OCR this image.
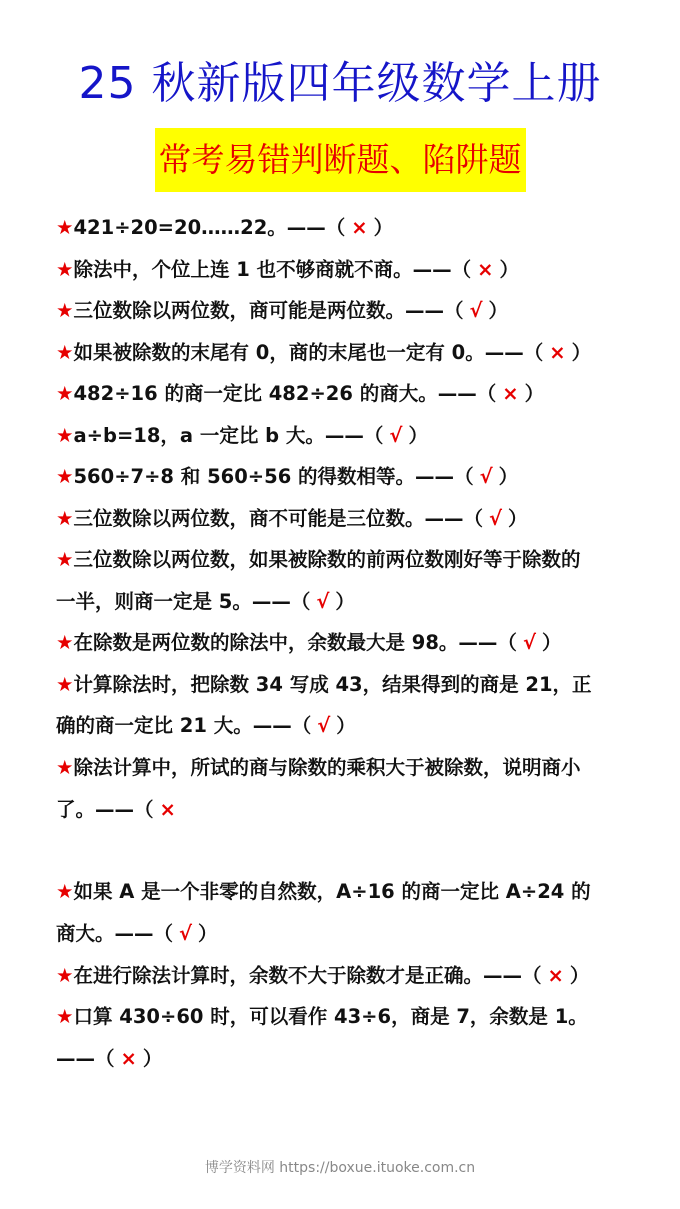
25 秋新版四年级数学上册
常考易错判断题、陷阱题
★421÷20=20……22。——（ × ）
★除法中，个位上连 1 也不够商就不商。——（ × ）
★三位数除以两位数，商可能是两位数。——（ √ ）
★如果被除数的末尾有 0，商的末尾也一定有 0。——（ × ）
★482÷16 的商一定比 482÷26 的商大。——（ × ）
★a÷b=18，a 一定比 b 大。——（ √ ）
★560÷7÷8 和 560÷56 的得数相等。——（ √ ）
★三位数除以两位数，商不可能是三位数。——（ √ ）
★三位数除以两位数，如果被除数的前两位数刚好等于除数的
一半，则商一定是 5。——（ √ ）
★在除数是两位数的除法中，余数最大是 98。——（ √ ）
★计算除法时，把除数 34 写成 43，结果得到的商是 21，正
确的商一定比 21 大。——（ √ ）
★除法计算中，所试的商与除数的乘积大于被除数，说明商小
了。——（ ×
★如果 A 是一个非零的自然数，A÷16 的商一定比 A÷24 的
商大。——（ √ ）
★在进行除法计算时，余数不大于除数才是正确。——（ × ）
★口算 430÷60 时，可以看作 43÷6，商是 7，余数是 1。
——（ × ）
博学资料网 https://boxue.ituoke.com.cn
